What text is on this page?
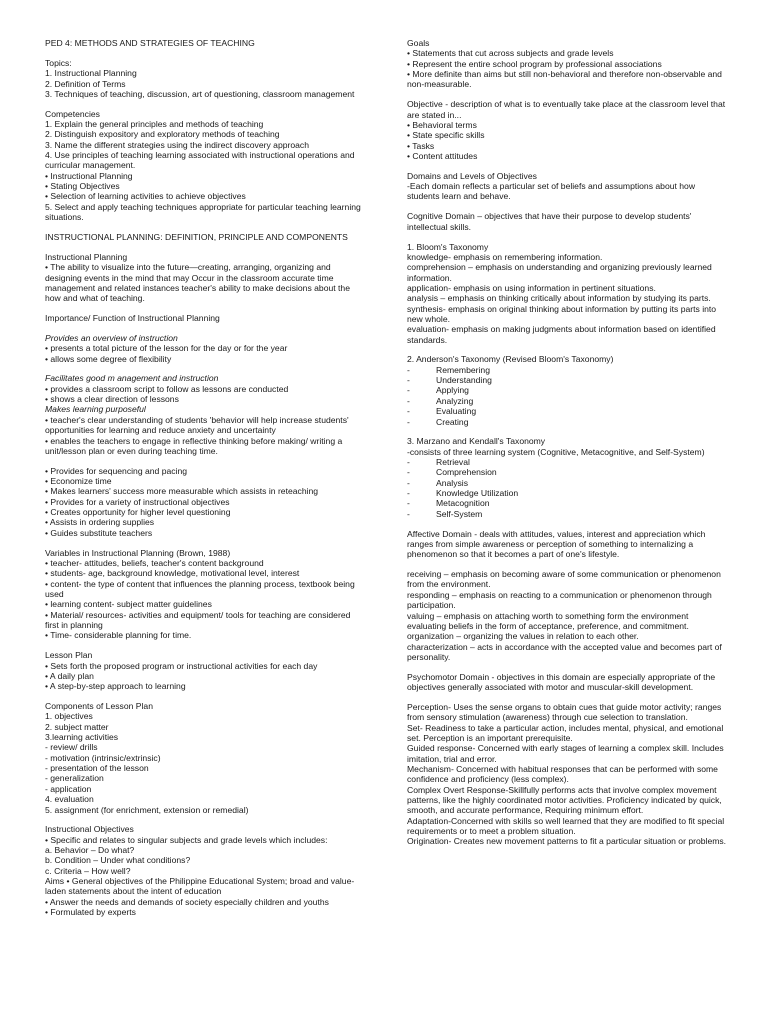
PED 4: METHODS AND STRATEGIES OF TEACHING
Topics:
1. Instructional Planning
2. Definition of Terms
3. Techniques of teaching, discussion, art of questioning, classroom management
Competencies
1. Explain the general principles and methods of teaching
2. Distinguish expository and exploratory methods of teaching
3. Name the different strategies using the indirect discovery approach
4. Use principles of teaching learning associated with instructional operations and curricular management.
• Instructional Planning
• Stating Objectives
• Selection of learning activities to achieve objectives
5. Select and apply teaching techniques appropriate for particular teaching learning situations.
INSTRUCTIONAL PLANNING: DEFINITION, PRINCIPLE AND COMPONENTS
Instructional Planning
• The ability to visualize into the future—creating, arranging, organizing and designing events in the mind that may Occur in the classroom accurate time management and related instances teacher's ability to make decisions about the how and what of teaching.
Importance/ Function of Instructional Planning
Provides an overview of instruction
• presents a total picture of the lesson for the day or for the year
• allows some degree of flexibility
Facilitates good m anagement and instruction
• provides a classroom script to follow as lessons are conducted
• shows a clear direction of lessons
Makes learning purposeful
• teacher's clear understanding of students 'behavior will help increase students' opportunities for learning and reduce anxiety and uncertainty
• enables the teachers to engage in reflective thinking before making/ writing a unit/lesson plan or even during teaching time.
• Provides for sequencing and pacing
• Economize time
• Makes learners' success more measurable which assists in reteaching
• Provides for a variety of instructional objectives
• Creates opportunity for higher level questioning
• Assists in ordering supplies
• Guides substitute teachers
Variables in Instructional Planning (Brown, 1988)
• teacher- attitudes, beliefs, teacher's content background
• students- age, background knowledge, motivational level, interest
• content- the type of content that influences the planning process, textbook being used
• learning content- subject matter guidelines
• Material/ resources- activities and equipment/ tools for teaching are considered first in planning
• Time- considerable planning for time.
Lesson Plan
• Sets forth the proposed program or instructional activities for each day
• A daily plan
• A step-by-step approach to learning
Components of Lesson Plan
1. objectives
2. subject matter
3.learning activities
- review/ drills
- motivation (intrinsic/extrinsic)
- presentation of the lesson
- generalization
- application
4. evaluation
5. assignment (for enrichment, extension or remedial)
Instructional Objectives
• Specific and relates to singular subjects and grade levels which includes:
a. Behavior – Do what?
b. Condition – Under what conditions?
c. Criteria – How well?
Aims • General objectives of the Philippine Educational System; broad and value-laden statements about the intent of education
• Answer the needs and demands of society especially children and youths
• Formulated by experts
Goals
• Statements that cut across subjects and grade levels
• Represent the entire school program by professional associations
• More definite than aims but still non-behavioral and therefore non-observable and non-measurable.
Objective - description of what is to eventually take place at the classroom level that are stated in...
• Behavioral terms
• State specific skills
• Tasks
• Content attitudes
Domains and Levels of Objectives
-Each domain reflects a particular set of beliefs and assumptions about how students learn and behave.
Cognitive Domain – objectives that have their purpose to develop students' intellectual skills.
1. Bloom's Taxonomy
knowledge- emphasis on remembering information.
comprehension – emphasis on understanding and organizing previously learned information.
application- emphasis on using information in pertinent situations.
analysis – emphasis on thinking critically about information by studying its parts.
synthesis- emphasis on original thinking about information by putting its parts into new whole.
evaluation- emphasis on making judgments about information based on identified standards.
2. Anderson's Taxonomy (Revised Bloom's Taxonomy)
-	Remembering
-	Understanding
-	Applying
-	Analyzing
-	Evaluating
-	Creating
3. Marzano and Kendall's Taxonomy
-consists of three learning system (Cognitive, Metacognitive, and Self-System)
-	Retrieval
-	Comprehension
-	Analysis
-	Knowledge Utilization
-	Metacognition
-	Self-System
Affective Domain - deals with attitudes, values, interest and appreciation which ranges from simple awareness or perception of something to internalizing a phenomenon so that it becomes a part of one's lifestyle.
receiving – emphasis on becoming aware of some communication or phenomenon from the environment.
responding – emphasis on reacting to a communication or phenomenon through participation.
valuing – emphasis on attaching worth to something form the environment evaluating beliefs in the form of acceptance, preference, and commitment.
organization – organizing the values in relation to each other.
characterization – acts in accordance with the accepted value and becomes part of personality.
Psychomotor Domain - objectives in this domain are especially appropriate of the objectives generally associated with motor and muscular-skill development.
Perception- Uses the sense organs to obtain cues that guide motor activity; ranges from sensory stimulation (awareness) through cue selection to translation.
Set- Readiness to take a particular action, includes mental, physical, and emotional set. Perception is an important prerequisite.
Guided response- Concerned with early stages of learning a complex skill. Includes imitation, trial and error.
Mechanism- Concerned with habitual responses that can be performed with some confidence and proficiency (less complex).
Complex Overt Response-Skillfully performs acts that involve complex movement patterns, like the highly coordinated motor activities. Proficiency indicated by quick, smooth, and accurate performance, Requiring minimum effort.
Adaptation-Concerned with skills so well learned that they are modified to fit special requirements or to meet a problem situation.
Origination- Creates new movement patterns to fit a particular situation or problems.
